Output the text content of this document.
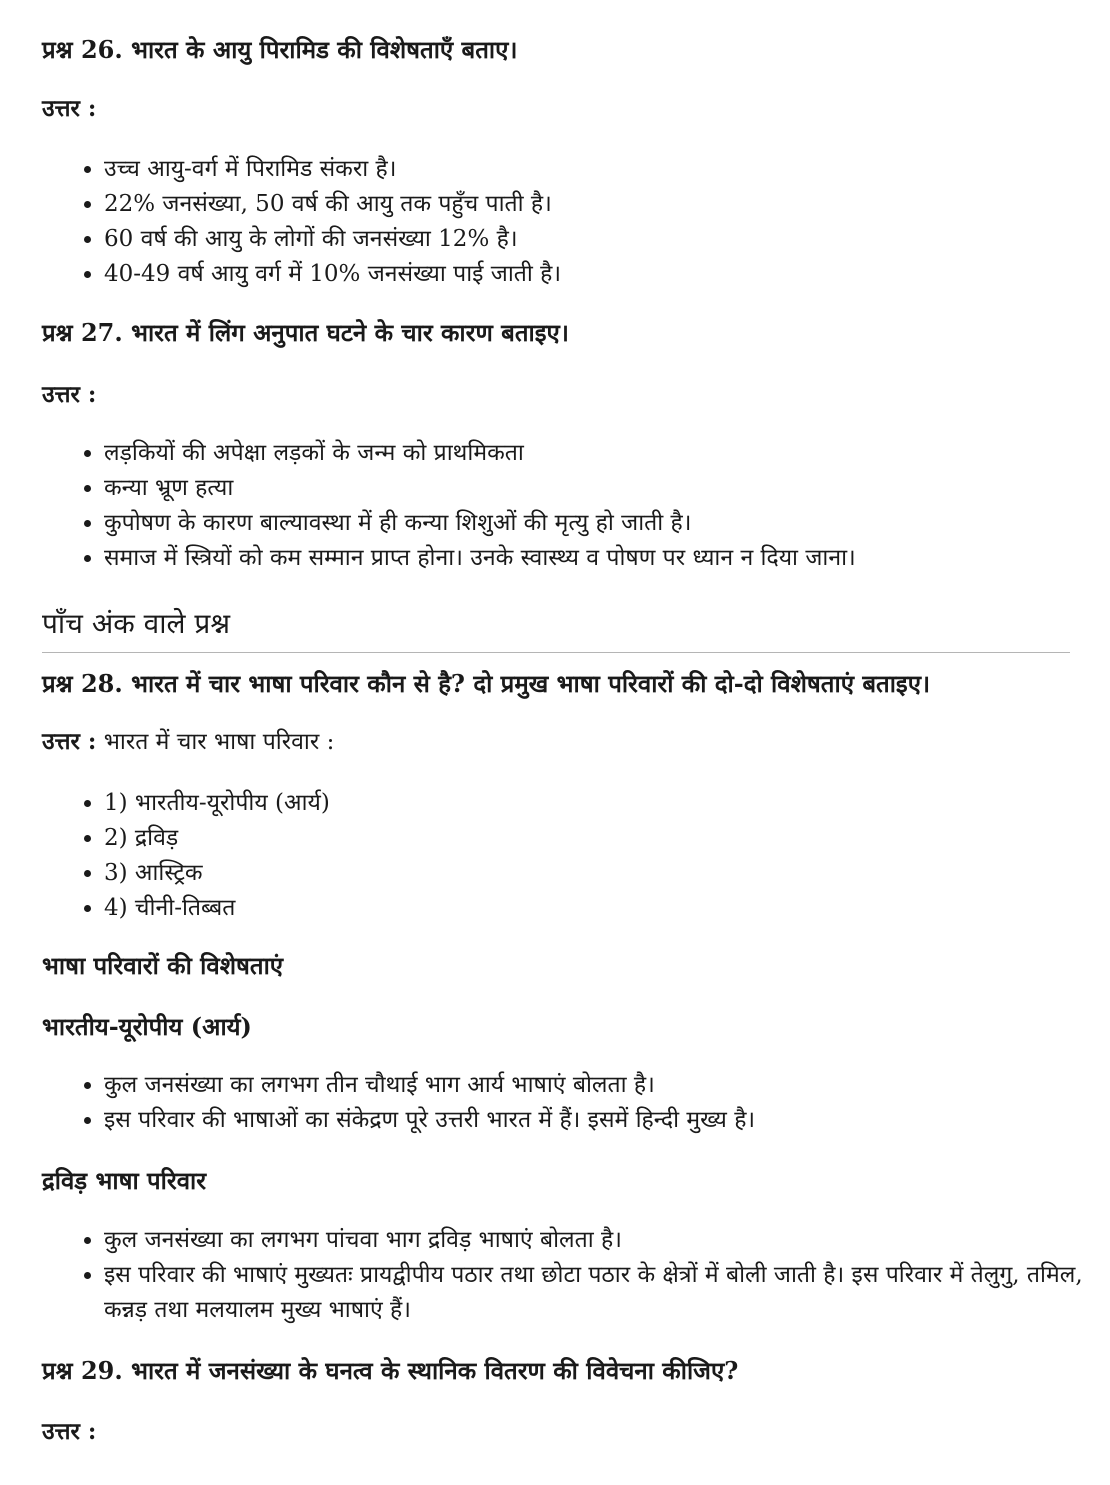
प्रश्न 26. भारत के आयु पिरामिड की विशेषताएँ बताए।
उत्तर :
• उच्च आयु-वर्ग में पिरामिड संकरा है।
• 22% जनसंख्या, 50 वर्ष की आयु तक पहुँच पाती है।
• 60 वर्ष की आयु के लोगों की जनसंख्या 12% है।
• 40-49 वर्ष आयु वर्ग में 10% जनसंख्या पाई जाती है।
प्रश्न 27. भारत में लिंग अनुपात घटने के चार कारण बताइए।
उत्तर :
• लड़कियों की अपेक्षा लड़कों के जन्म को प्राथमिकता
• कन्या भ्रूण हत्या
• कुपोषण के कारण बाल्यावस्था में ही कन्या शिशुओं की मृत्यु हो जाती है।
• समाज में स्त्रियों को कम सम्मान प्राप्त होना। उनके स्वास्थ्य व पोषण पर ध्यान न दिया जाना।
पाँच अंक वाले प्रश्न
प्रश्न 28. भारत में चार भाषा परिवार कौन से है? दो प्रमुख भाषा परिवारों की दो-दो विशेषताएं बताइए।
उत्तर : भारत में चार भाषा परिवार :
• 1) भारतीय-यूरोपीय (आर्य)
• 2) द्रविड़
• 3) आस्ट्रिक
• 4) चीनी-तिब्बत
भाषा परिवारों की विशेषताएं
भारतीय-यूरोपीय (आर्य)
• कुल जनसंख्या का लगभग तीन चौथाई भाग आर्य भाषाएं बोलता है।
• इस परिवार की भाषाओं का संकेद्रण पूरे उत्तरी भारत में हैं। इसमें हिन्दी मुख्य है।
द्रविड़ भाषा परिवार
• कुल जनसंख्या का लगभग पांचवा भाग द्रविड़ भाषाएं बोलता है।
• इस परिवार की भाषाएं मुख्यतः प्रायद्वीपीय पठार तथा छोटा पठार के क्षेत्रों में बोली जाती है। इस परिवार में तेलुगु, तमिल, कन्नड़ तथा मलयालम मुख्य भाषाएं हैं।
प्रश्न 29. भारत में जनसंख्या के घनत्व के स्थानिक वितरण की विवेचना कीजिए?
उत्तर :
